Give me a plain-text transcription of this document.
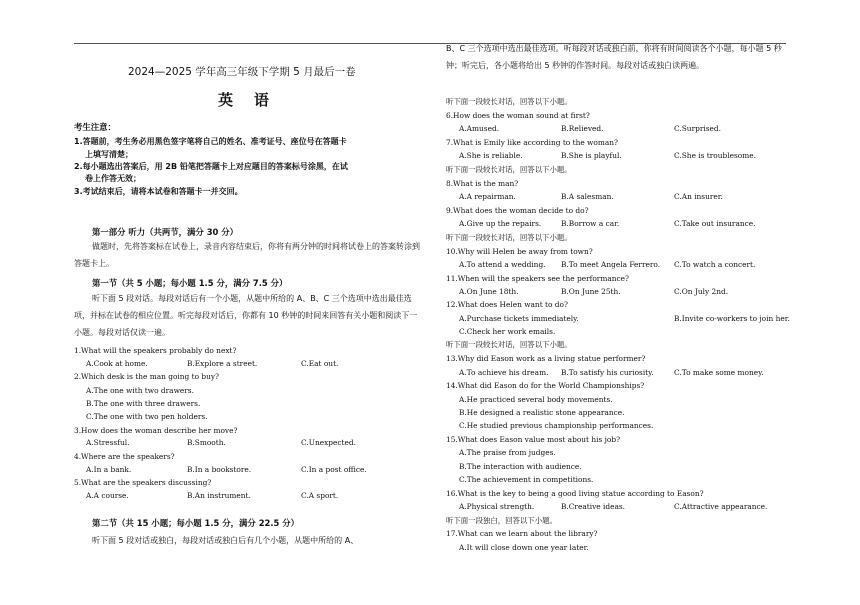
2024—2025 学年高三年级下学期 5 月最后一卷
英    语
考生注意：
1.答题前，考生务必用黑色签字笔将自己的姓名、准考证号、座位号在答题卡
上填写清楚；
2.每小题选出答案后，用 2B 铅笔把答题卡上对应题目的答案标号涂黑，在试
卷上作答无效；
3.考试结束后，请将本试卷和答题卡一并交回。
第一部分 听力（共两节，满分 30 分）
做题时，先将答案标在试卷上，录音内容结束后，你将有两分钟的时间将试卷上的答案转涂到答题卡上。
第一节（共 5 小题；每小题 1.5 分，满分 7.5 分）
听下面 5 段对话。每段对话后有一个小题，从题中所给的 A、B、C 三个选项中选出最佳选项，并标在试卷的相应位置。听完每段对话后，你都有 10 秒钟的时间来回答有关小题和阅读下一小题。每段对话仅读一遍。
1.What will the speakers probably do next?
A.Cook at home.	B.Explore a street.	C.Eat out.
2.Which desk is the man going to buy?
A.The one with two drawers.
B.The one with three drawers.
C.The one with two pen holders.
3.How does the woman describe her move?
A.Stressful.	B.Smooth.	C.Unexpected.
4.Where are the speakers?
A.In a bank.	B.In a bookstore.	C.In a post office.
5.What are the speakers discussing?
A.A course.	B.An instrument.	C.A sport.
第二节（共 15 小题；每小题 1.5 分，满分 22.5 分）
听下面 5 段对话或独白，每段对话或独白后有几个小题，从题中所给的 A、
B、C 三个选项中选出最佳选项。听每段对话或独白前，你将有时间阅读各个小题，每小题 5 秒钟；听完后，各小题将给出 5 秒钟的作答时间。每段对话或独白读两遍。
听下面一段较长对话，回答以下小题。
6.How does the woman sound at first?
A.Amused.	B.Relieved.	C.Surprised.
7.What is Emily like according to the woman?
A.She is reliable.	B.She is playful.	C.She is troublesome.
听下面一段较长对话，回答以下小题。
8.What is the man?
A.A repairman.	B.A salesman.	C.An insurer.
9.What does the woman decide to do?
A.Give up the repairs.	B.Borrow a car.	C.Take out insurance.
听下面一段较长对话，回答以下小题。
10.Why will Helen be away from town?
A.To attend a wedding. B.To meet Angela Ferrero. C.To watch a concert.
11.When will the speakers see the performance?
A.On June 18th.	B.On June 25th.	C.On July 2nd.
12.What does Helen want to do?
A.Purchase tickets immediately.	B.Invite co-workers to join her.
C.Check her work emails.
听下面一段较长对话，回答以下小题。
13.Why did Eason work as a living statue performer?
A.To achieve his dream. B.To satisfy his curiosity.	C.To make some money.
14.What did Eason do for the World Championships?
A.He practiced several body movements.
B.He designed a realistic stone appearance.
C.He studied previous championship performances.
15.What does Eason value most about his job?
A.The praise from judges.
B.The interaction with audience.
C.The achievement in competitions.
16.What is the key to being a good living statue according to Eason?
A.Physical strength.	B.Creative ideas.	C.Attractive appearance.
听下面一段独白，回答以下小题。
17.What can we learn about the library?
A.It will close down one year later.
